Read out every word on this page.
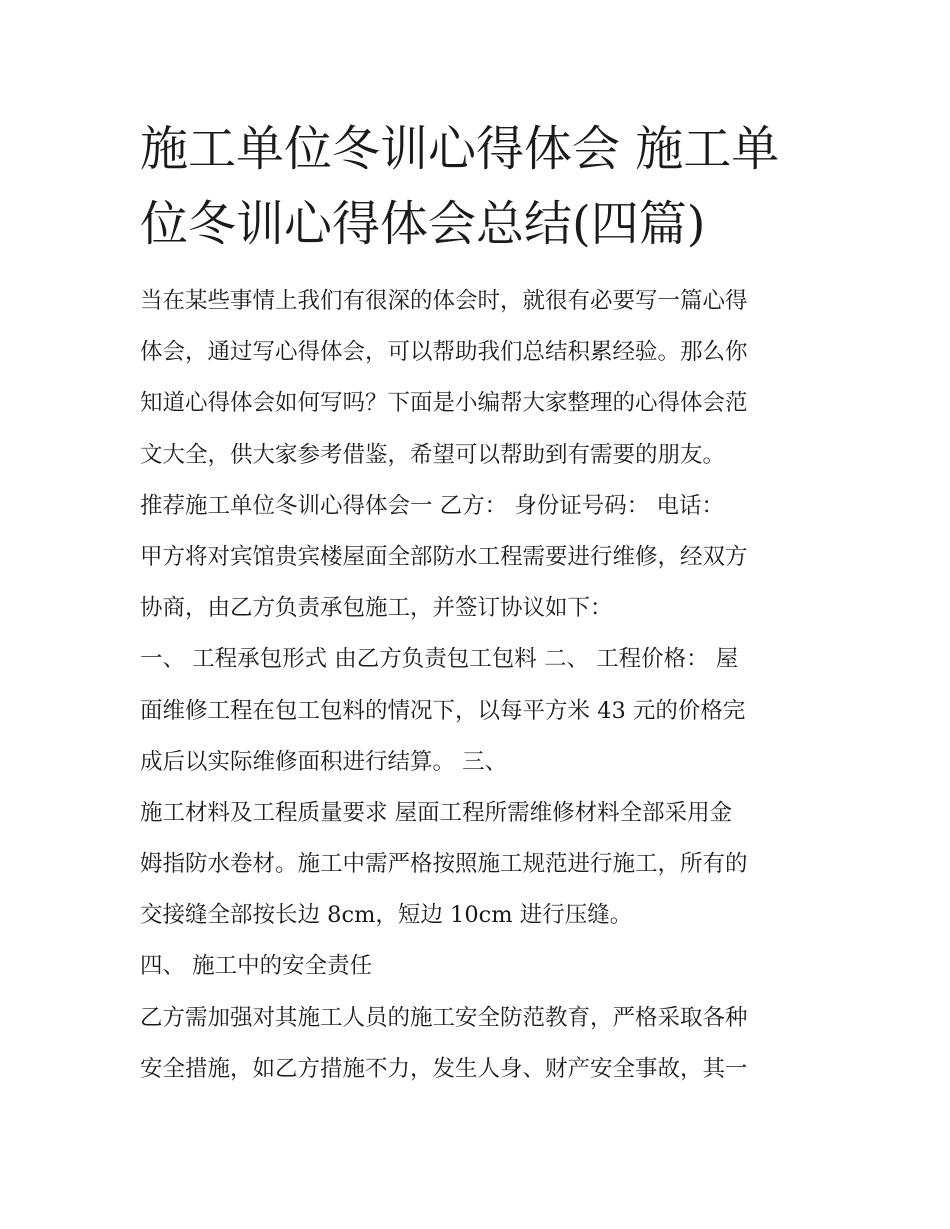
施工单位冬训心得体会 施工单
位冬训心得体会总结(四篇)
当在某些事情上我们有很深的体会时，就很有必要写一篇心得
体会，通过写心得体会，可以帮助我们总结积累经验。那么你
知道心得体会如何写吗？下面是小编帮大家整理的心得体会范
文大全，供大家参考借鉴，希望可以帮助到有需要的朋友。
推荐施工单位冬训心得体会一 乙方： 身份证号码： 电话：
甲方将对宾馆贵宾楼屋面全部防水工程需要进行维修，经双方
协商，由乙方负责承包施工，并签订协议如下：
一、 工程承包形式 由乙方负责包工包料 二、 工程价格： 屋
面维修工程在包工包料的情况下，以每平方米 43 元的价格完
成后以实际维修面积进行结算。 三、
施工材料及工程质量要求 屋面工程所需维修材料全部采用金
姆指防水卷材。施工中需严格按照施工规范进行施工，所有的
交接缝全部按长边 8cm，短边 10cm 进行压缝。
四、 施工中的安全责任
乙方需加强对其施工人员的施工安全防范教育，严格采取各种
安全措施，如乙方措施不力，发生人身、财产安全事故，其一
